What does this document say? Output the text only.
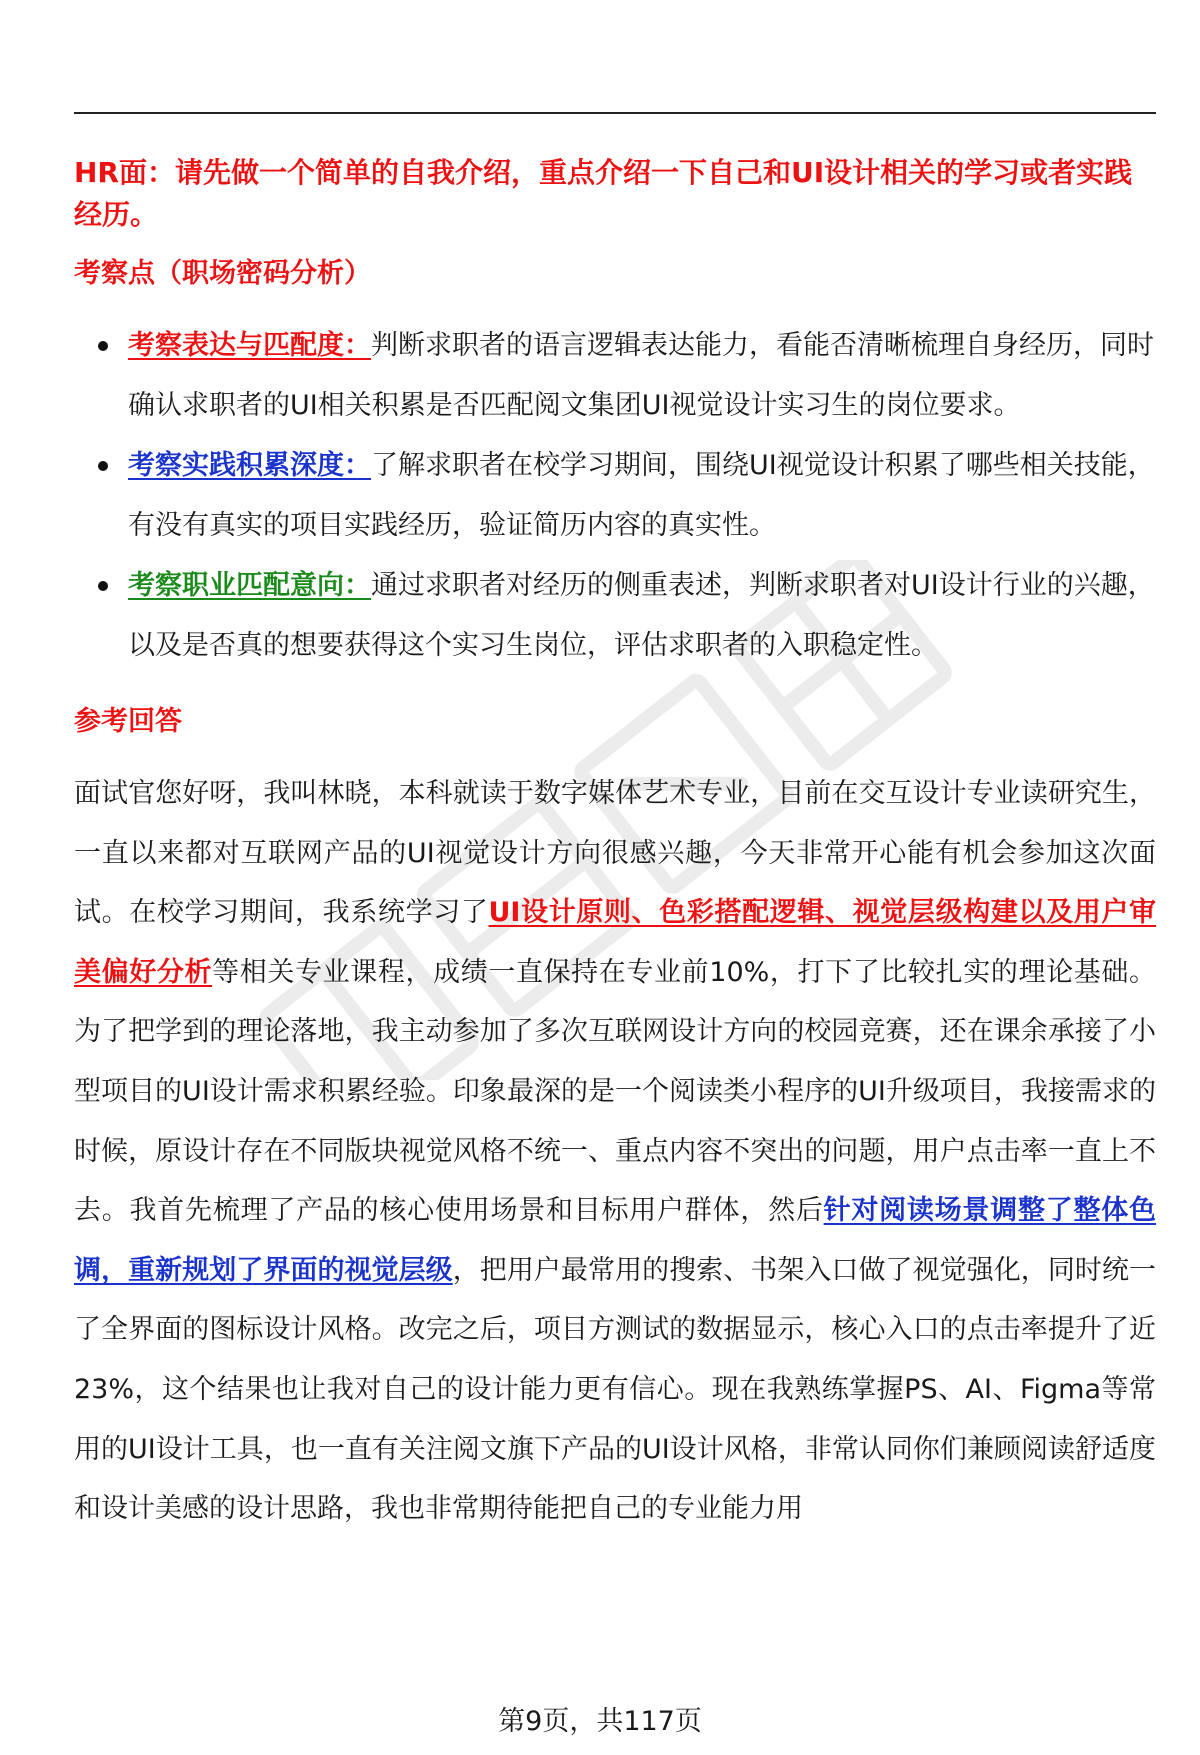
HR面：请先做一个简单的自我介绍，重点介绍一下自己和UI设计相关的学习或者实践经历。
考察点（职场密码分析）
考察表达与匹配度：判断求职者的语言逻辑表达能力，看能否清晰梳理自身经历，同时确认求职者的UI相关积累是否匹配阅文集团UI视觉设计实习生的岗位要求。
考察实践积累深度：了解求职者在校学习期间，围绕UI视觉设计积累了哪些相关技能，有没有真实的项目实践经历，验证简历内容的真实性。
考察职业匹配意向：通过求职者对经历的侧重表述，判断求职者对UI设计行业的兴趣，以及是否真的想要获得这个实习生岗位，评估求职者的入职稳定性。
参考回答

面试官您好呀，我叫林晓，本科就读于数字媒体艺术专业，目前在交互设计专业读研究生，一直以来都对互联网产品的UI视觉设计方向很感兴趣，今天非常开心能有机会参加这次面试。在校学习期间，我系统学习了UI设计原则、色彩搭配逻辑、视觉层级构建以及用户审美偏好分析等相关专业课程，成绩一直保持在专业前10%，打下了比较扎实的理论基础。为了把学到的理论落地，我主动参加了多次互联网设计方向的校园竞赛，还在课余承接了小型项目的UI设计需求积累经验。印象最深的是一个阅读类小程序的UI升级项目，我接需求的时候，原设计存在不同版块视觉风格不统一、重点内容不突出的问题，用户点击率一直上不去。我首先梳理了产品的核心使用场景和目标用户群体，然后针对阅读场景调整了整体色调，重新规划了界面的视觉层级，把用户最常用的搜索、书架入口做了视觉强化，同时统一了全界面的图标设计风格。改完之后，项目方测试的数据显示，核心入口的点击率提升了近23%，这个结果也让我对自己的设计能力更有信心。现在我熟练掌握PS、AI、Figma等常用的UI设计工具，也一直有关注阅文旗下产品的UI设计风格，非常认同你们兼顾阅读舒适度和设计美感的设计思路，我也非常期待能把自己的专业能力用

第9页，共117页
